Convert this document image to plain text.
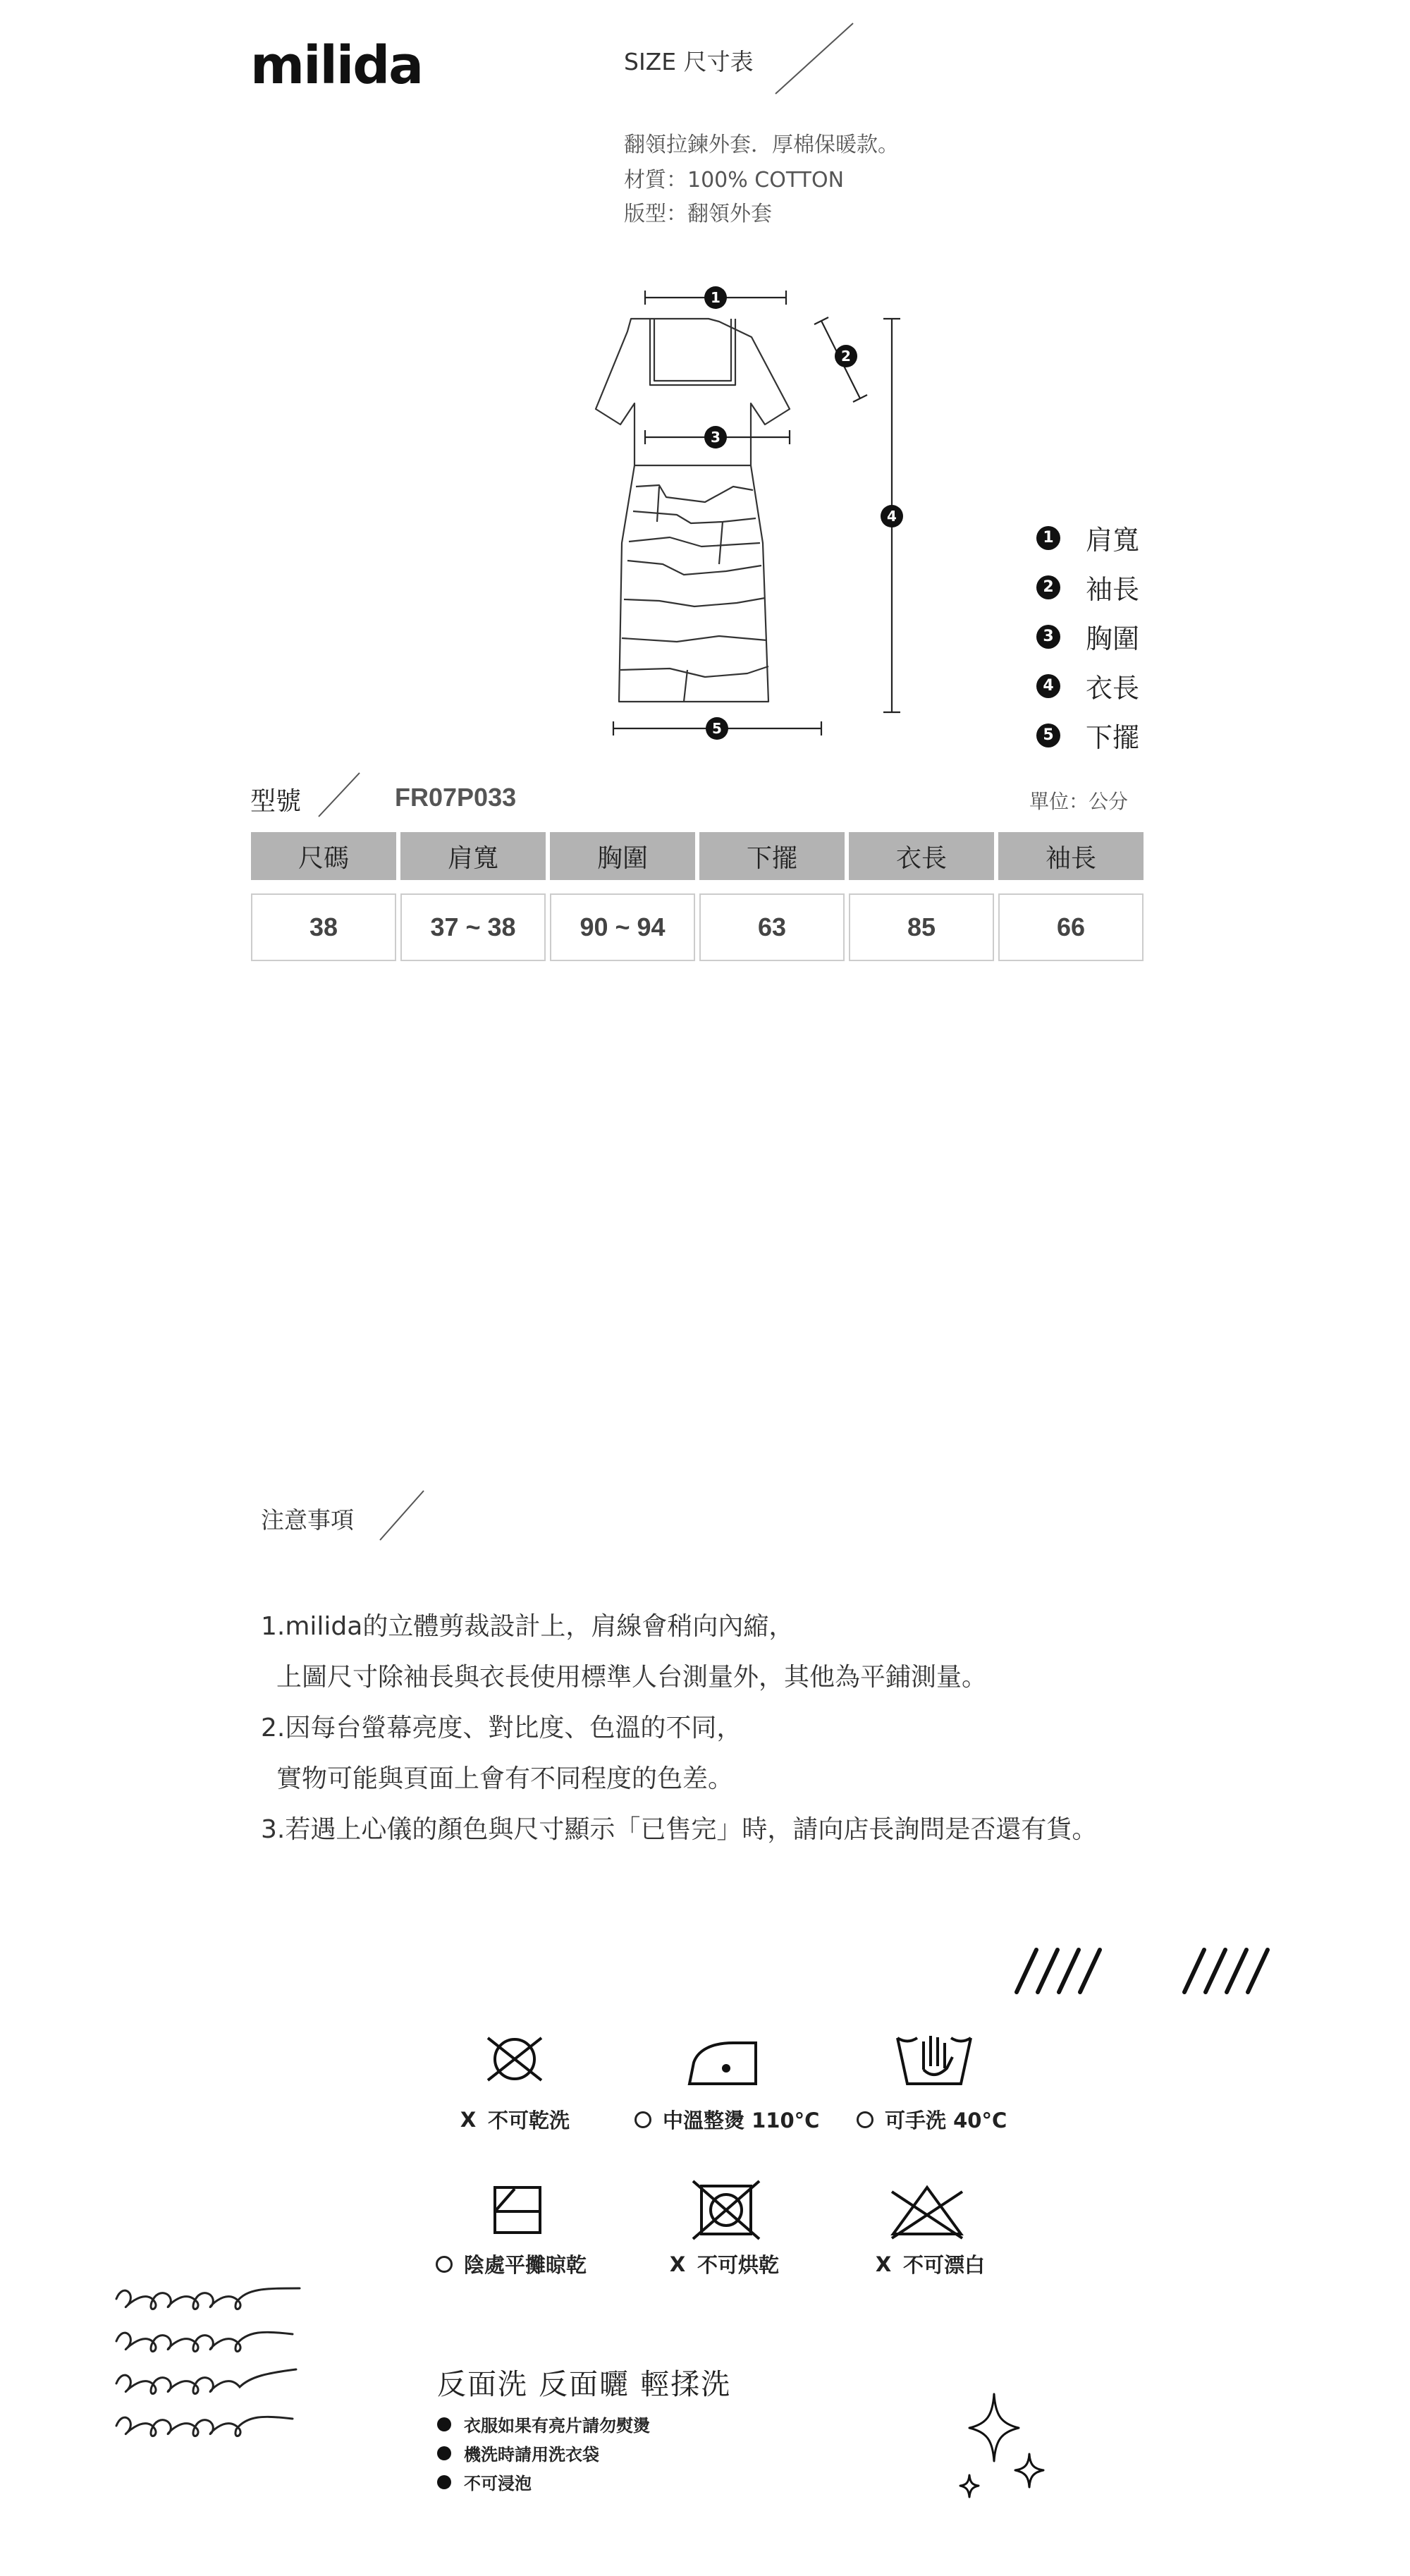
milida	SIZE 尺寸表
翻領拉鍊外套．厚棉保暖款。
材質：100% COTTON
版型：翻領外套
1
2
3
4
5
1 肩寬
2 袖長
3 胸圍
4 衣長
5 下擺
型號	FR07P033	單位：公分
尺碼	肩寬	胸圍	下擺	衣長	袖長
38	37 ~ 38	90 ~ 94	63	85	66
注意事項
1.milida的立體剪裁設計上，肩線會稍向內縮，
上圖尺寸除袖長與衣長使用標準人台測量外，其他為平鋪測量。
2.因每台螢幕亮度、對比度、色溫的不同，
實物可能與頁面上會有不同程度的色差。
3.若遇上心儀的顏色與尺寸顯示「已售完」時，請向店長詢問是否還有貨。
X 不可乾洗	中溫整燙 110°C	可手洗 40°C
陰處平攤晾乾	X 不可烘乾	X 不可漂白
反面洗 反面曬 輕揉洗
衣服如果有亮片請勿熨燙
機洗時請用洗衣袋
不可浸泡
